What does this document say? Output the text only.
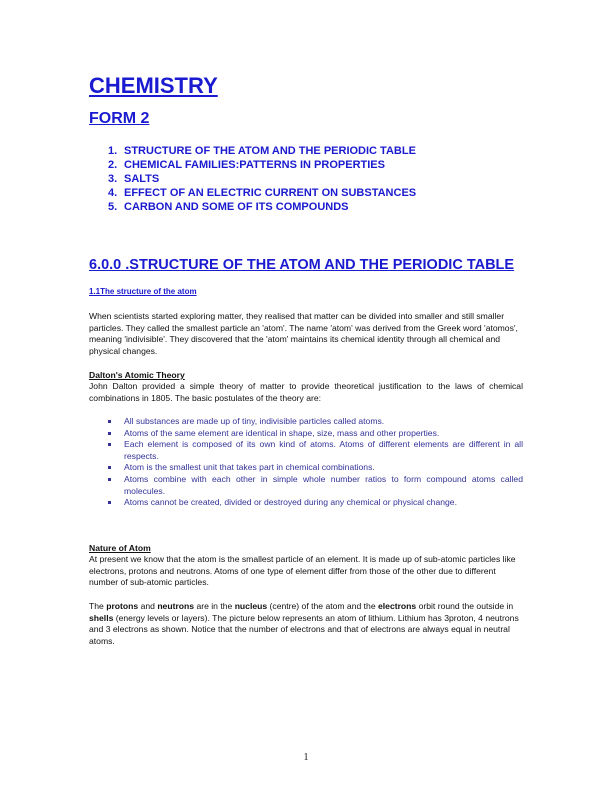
CHEMISTRY
FORM 2
1. STRUCTURE OF THE ATOM AND THE PERIODIC TABLE
2. CHEMICAL FAMILIES:PATTERNS IN PROPERTIES
3. SALTS
4. EFFECT OF AN ELECTRIC CURRENT ON SUBSTANCES
5. CARBON AND SOME OF ITS COMPOUNDS
6.0.0 .STRUCTURE OF THE ATOM AND THE PERIODIC TABLE
1.1The structure of the atom
When scientists started exploring matter, they realised that matter can be divided into smaller and still smaller particles. They called the smallest particle an 'atom'. The name 'atom' was derived from the Greek word 'atomos', meaning 'indivisible'. They discovered that the 'atom' maintains its chemical identity through all chemical and physical changes.
Dalton's Atomic Theory
John Dalton provided a simple theory of matter to provide theoretical justification to the laws of chemical combinations in 1805. The basic postulates of the theory are:
All substances are made up of tiny, indivisible particles called atoms.
Atoms of the same element are identical in shape, size, mass and other properties.
Each element is composed of its own kind of atoms. Atoms of different elements are different in all respects.
Atom is the smallest unit that takes part in chemical combinations.
Atoms combine with each other in simple whole number ratios to form compound atoms called molecules.
Atoms cannot be created, divided or destroyed during any chemical or physical change.
Nature of Atom
At present we know that the atom is the smallest particle of an element. It is made up of sub-atomic particles like electrons, protons and neutrons. Atoms of one type of element differ from those of the other due to different number of sub-atomic particles.
The protons and neutrons are in the nucleus (centre) of the atom and the electrons orbit round the outside in shells (energy levels or layers). The picture below represents an atom of lithium. Lithium has 3proton, 4 neutrons and 3 electrons as shown. Notice that the number of electrons and that of electrons are always equal in neutral atoms.
1
